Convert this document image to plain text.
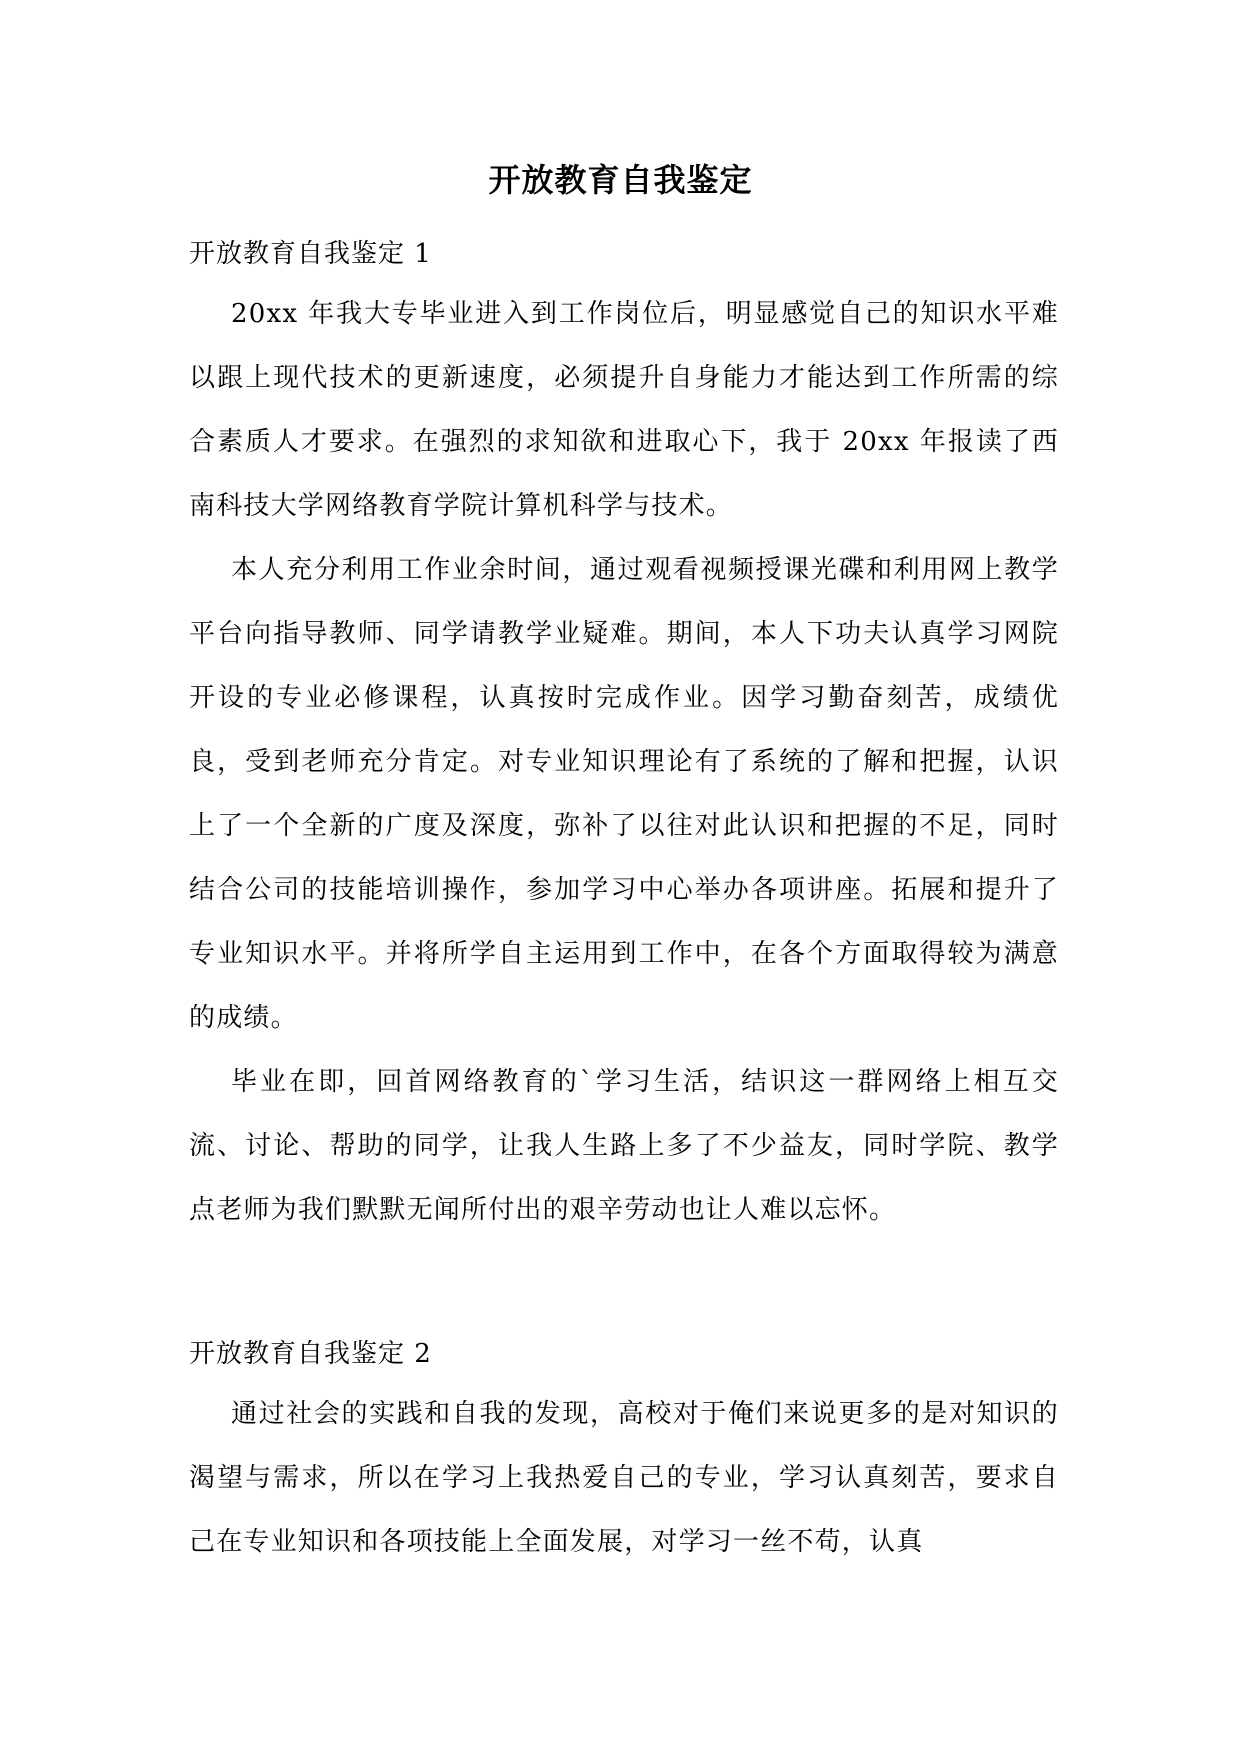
开放教育自我鉴定
开放教育自我鉴定 1

20xx 年我大专毕业进入到工作岗位后，明显感觉自己的知识水平难以跟上现代技术的更新速度，必须提升自身能力才能达到工作所需的综合素质人才要求。在强烈的求知欲和进取心下，我于 20xx 年报读了西南科技大学网络教育学院计算机科学与技术。

本人充分利用工作业余时间，通过观看视频授课光碟和利用网上教学平台向指导教师、同学请教学业疑难。期间，本人下功夫认真学习网院开设的专业必修课程，认真按时完成作业。因学习勤奋刻苦，成绩优良，受到老师充分肯定。对专业知识理论有了系统的了解和把握，认识上了一个全新的广度及深度，弥补了以往对此认识和把握的不足，同时结合公司的技能培训操作，参加学习中心举办各项讲座。拓展和提升了专业知识水平。并将所学自主运用到工作中，在各个方面取得较为满意的成绩。

毕业在即，回首网络教育的`学习生活，结识这一群网络上相互交流、讨论、帮助的同学，让我人生路上多了不少益友，同时学院、教学点老师为我们默默无闻所付出的艰辛劳动也让人难以忘怀。

开放教育自我鉴定 2

通过社会的实践和自我的发现，高校对于俺们来说更多的是对知识的渴望与需求，所以在学习上我热爱自己的专业，学习认真刻苦，要求自己在专业知识和各项技能上全面发展，对学习一丝不苟，认真
